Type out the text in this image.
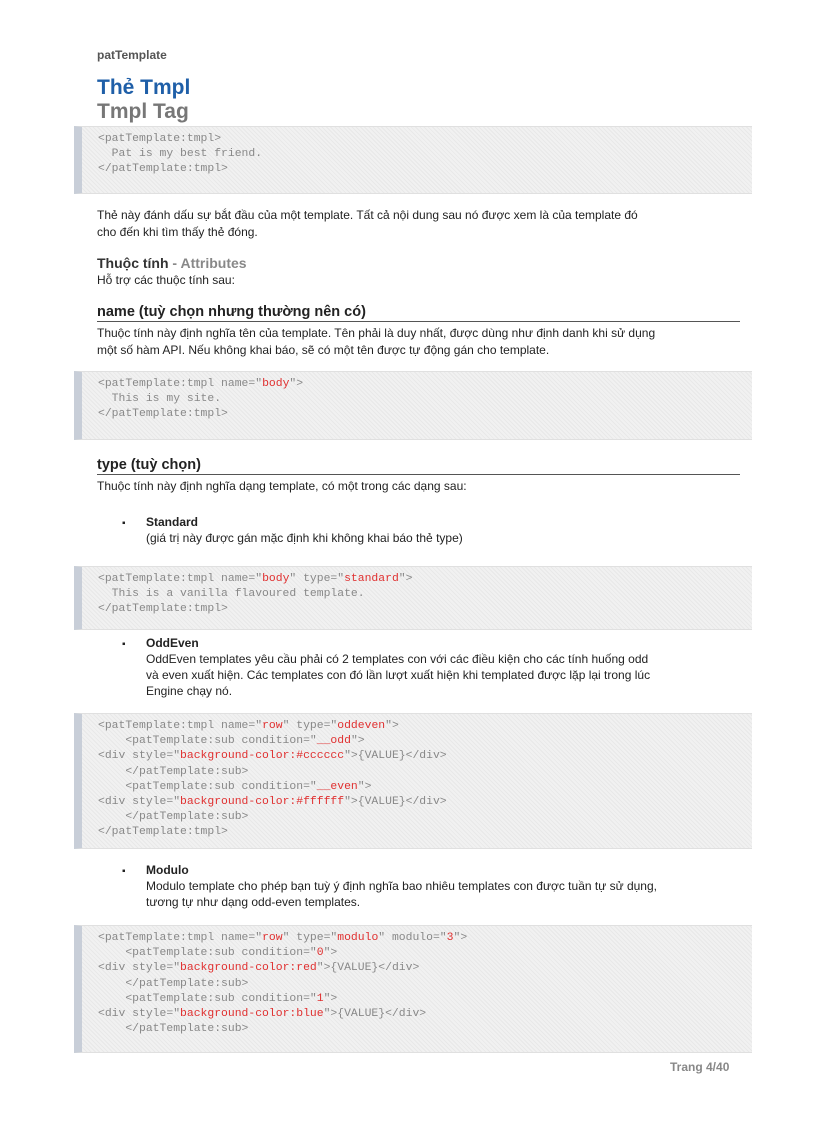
patTemplate
Thẻ Tmpl
Tmpl Tag
<patTemplate:tmpl>
Pat is my best friend.
</patTemplate:tmpl>
Thẻ này đánh dấu sự bắt đầu của một template. Tất cả nội dung sau nó được xem là của template đó
cho đến khi tìm thấy thẻ đóng.
Thuộc tính - Attributes
Hỗ trợ các thuộc tính sau:
name (tuỳ chọn nhưng thường nên có)
Thuộc tính này định nghĩa tên của template. Tên phải là duy nhất, được dùng như định danh khi sử dụng
một số hàm API. Nếu không khai báo, sẽ có một tên được tự động gán cho template.
<patTemplate:tmpl name="body">
This is my site.
</patTemplate:tmpl>
type (tuỳ chọn)
Thuộc tính này định nghĩa dạng template, có một trong các dạng sau:
▪ Standard
(giá trị này được gán mặc định khi không khai báo thẻ type)
<patTemplate:tmpl name="body" type="standard">
This is a vanilla flavoured template.
</patTemplate:tmpl>
▪ OddEven
OddEven templates yêu cầu phải có 2 templates con với các điều kiện cho các tính huống odd
và even xuất hiện. Các templates con đó lần lượt xuất hiện khi templated được lặp lại trong lúc
Engine chạy nó.
<patTemplate:tmpl name="row" type="oddeven">
<patTemplate:sub condition="__odd">
<div style="background-color:#cccccc">{VALUE}</div>
</patTemplate:sub>
<patTemplate:sub condition="__even">
<div style="background-color:#ffffff">{VALUE}</div>
</patTemplate:sub>
</patTemplate:tmpl>
▪ Modulo
Modulo template cho phép bạn tuỳ ý định nghĩa bao nhiêu templates con được tuần tự sử dụng,
tương tự như dạng odd-even templates.
<patTemplate:tmpl name="row" type="modulo" modulo="3">
<patTemplate:sub condition="0">
<div style="background-color:red">{VALUE}</div>
</patTemplate:sub>
<patTemplate:sub condition="1">
<div style="background-color:blue">{VALUE}</div>
</patTemplate:sub>
Trang 4/40
